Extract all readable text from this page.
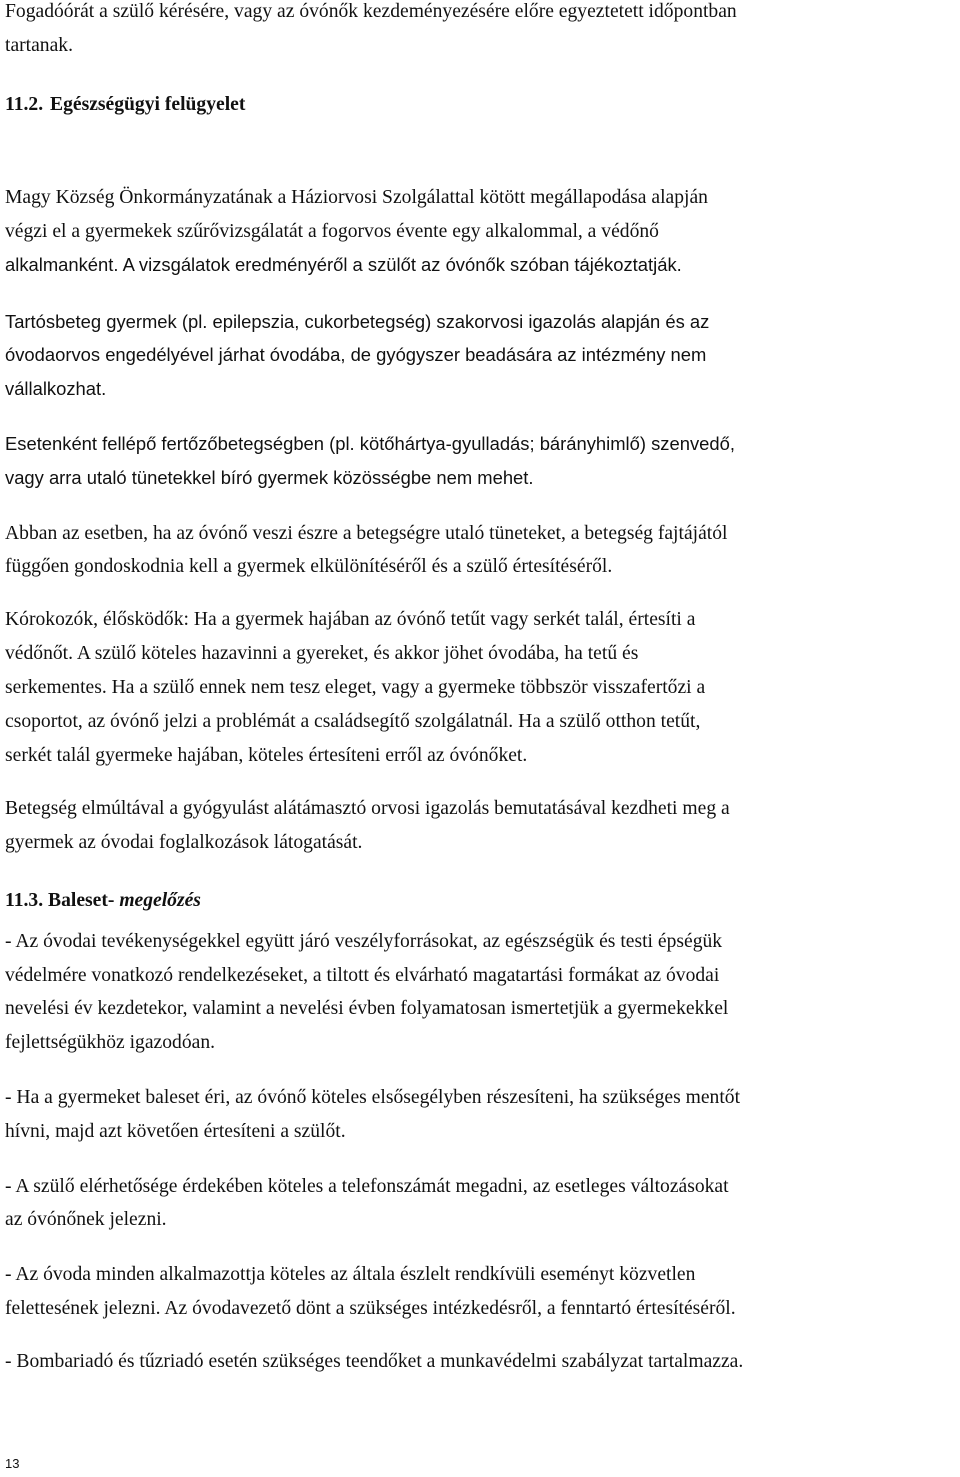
Fogadóórát a szülő kérésére, vagy az óvónők kezdeményezésére előre egyeztetett időpontban
tartanak.
11.2. Egészségügyi felügyelet
Magy Község Önkormányzatának a Háziorvosi Szolgálattal kötött megállapodása alapján
végzi el a gyermekek szűrővizsgálatát a fogorvos évente egy alkalommal, a védőnő
alkalmanként. A vizsgálatok eredményéről a szülőt az óvónők szóban tájékoztatják.
Tartósbeteg gyermek (pl. epilepszia, cukorbetegség) szakorvosi igazolás alapján és az
óvodaorvos engedélyével járhat óvodába, de gyógyszer beadására az intézmény nem
vállalkozhat.
Esetenként fellépő fertőzőbetegségben (pl. kötőhártya-gyulladás; bárányhimlő) szenvedő,
vagy arra utaló tünetekkel bíró gyermek közösségbe nem mehet.
Abban az esetben, ha az óvónő veszi észre a betegségre utaló tüneteket, a betegség fajtájától
függően gondoskodnia kell a gyermek elkülönítéséről és a szülő értesítéséről.
Kórokozók, élősködők: Ha a gyermek hajában az óvónő tetűt vagy serkét talál, értesíti a
védőnőt. A szülő köteles hazavinni a gyereket, és akkor jöhet óvodába, ha tetű és
serkementes. Ha a szülő ennek nem tesz eleget, vagy a gyermeke többször visszafertőzi a
csoportot, az óvónő jelzi a problémát a családsegítő szolgálatnál. Ha a szülő otthon tetűt,
serkét talál gyermeke hajában, köteles értesíteni erről az óvónőket.
Betegség elmúltával a gyógyulást alátámasztó orvosi igazolás bemutatásával kezdheti meg a
gyermek az óvodai foglalkozások látogatását.
11.3. Baleset- megelőzés
- Az óvodai tevékenységekkel együtt járó veszélyforrásokat, az egészségük és testi épségük
védelmére vonatkozó rendelkezéseket, a tiltott és elvárható magatartási formákat az óvodai
nevelési év kezdetekor, valamint a nevelési évben folyamatosan ismertetjük a gyermekekkel
fejlettségükhöz igazodóan.
- Ha a gyermeket baleset éri, az óvónő köteles elsősegélyben részesíteni, ha szükséges mentőt
hívni, majd azt követően értesíteni a szülőt.
- A szülő elérhetősége érdekében köteles a telefonszámát megadni, az esetleges változásokat
az óvónőnek jelezni.
- Az óvoda minden alkalmazottja köteles az általa észlelt rendkívüli eseményt közvetlen
felettesének jelezni. Az óvodavezető dönt a szükséges intézkedésről, a fenntartó értesítéséről.
- Bombariadó és tűzriadó esetén szükséges teendőket a munkavédelmi szabályzat tartalmazza.
13
